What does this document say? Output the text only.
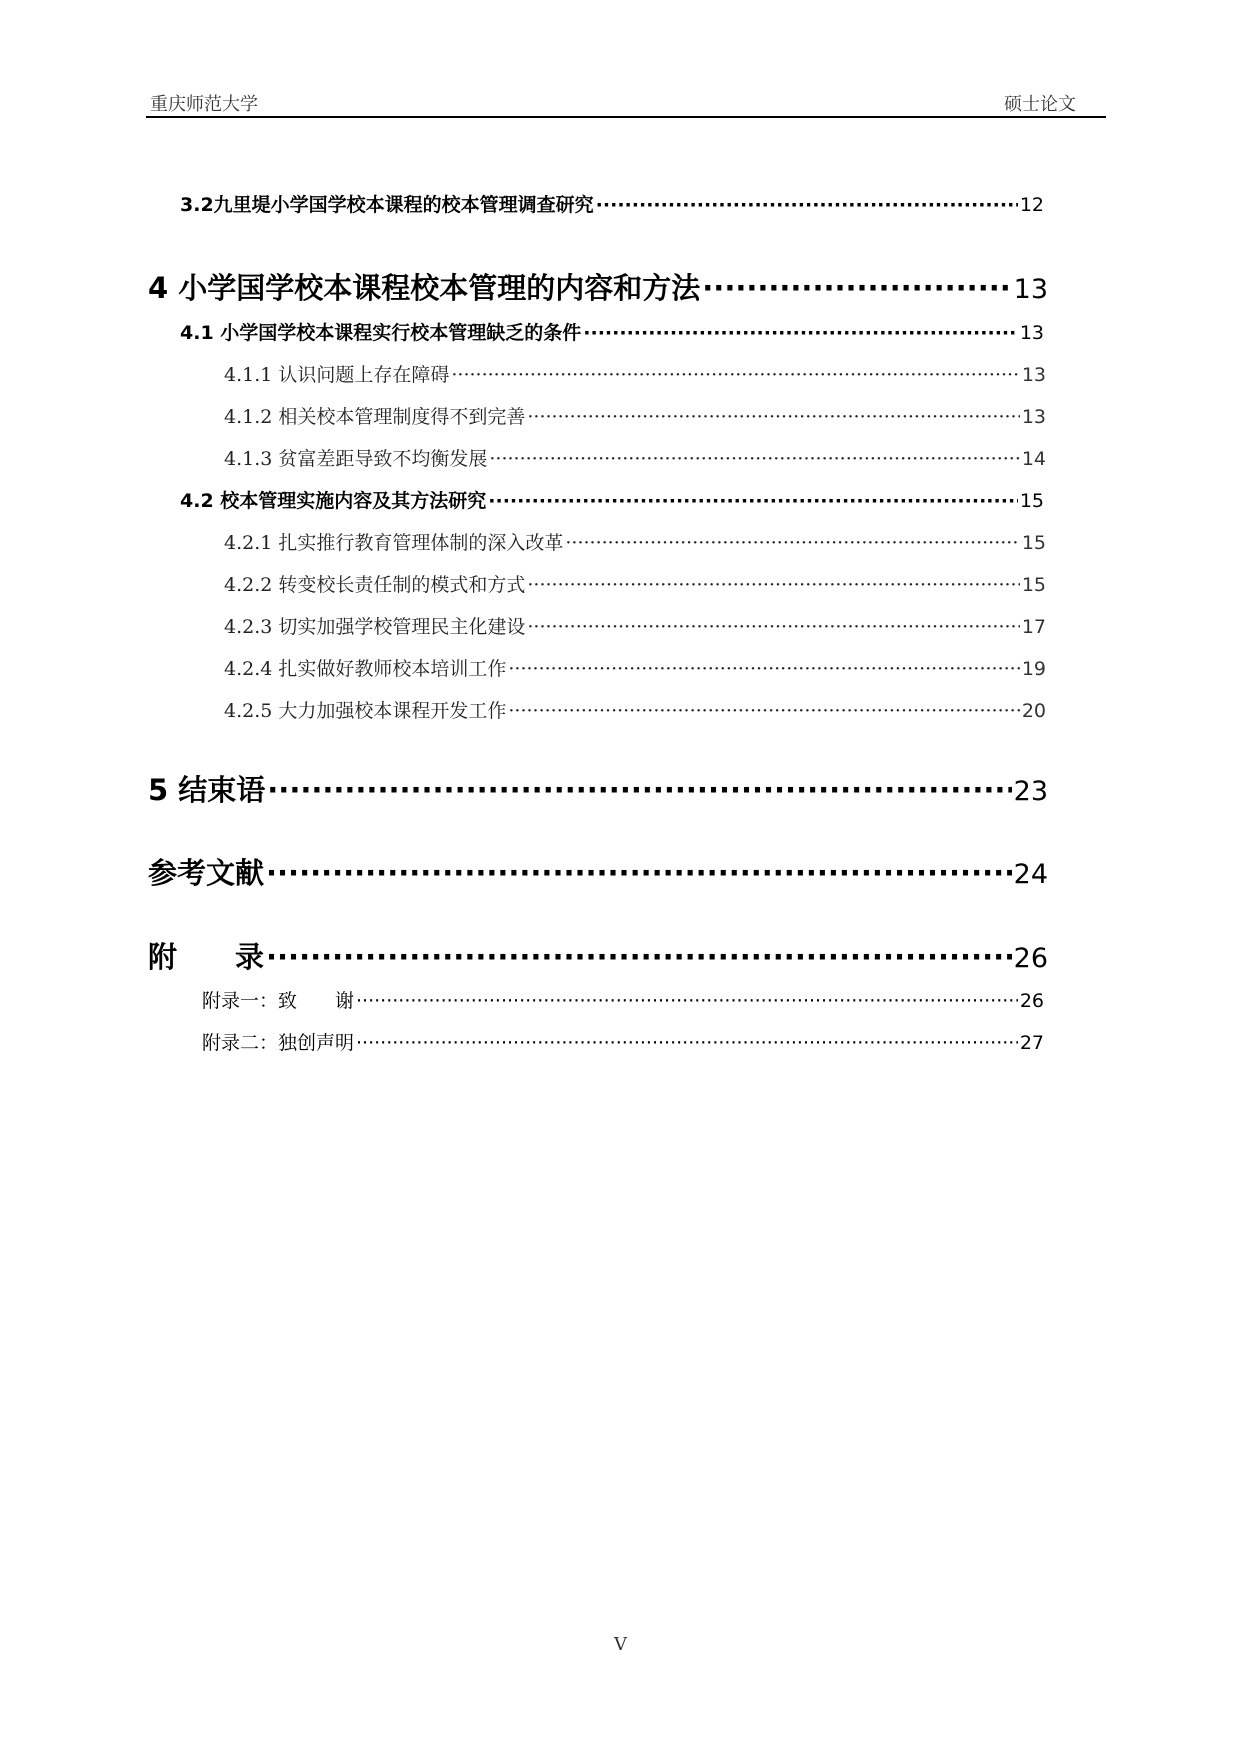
重庆师范大学	硕士论文
3.2九里堤小学国学校本课程的校本管理调查研究 ·····	12
4 小学国学校本课程校本管理的内容和方法 ·····	13
4.1 小学国学校本课程实行校本管理缺乏的条件 ·····	13
4.1.1 认识问题上存在障碍 ·····	13
4.1.2 相关校本管理制度得不到完善 ·····	13
4.1.3 贫富差距导致不均衡发展 ·····	14
4.2 校本管理实施内容及其方法研究 ·····	15
4.2.1 扎实推行教育管理体制的深入改革 ·····	15
4.2.2 转变校长责任制的模式和方式 ·····	15
4.2.3 切实加强学校管理民主化建设 ·····	17
4.2.4 扎实做好教师校本培训工作 ·····	19
4.2.5 大力加强校本课程开发工作 ·····	20
5 结束语 ·····	23
参考文献 ·····	24
附　　录 ·····	26
附录一：致　　谢 ·····	26
附录二：独创声明 ·····	27
V
